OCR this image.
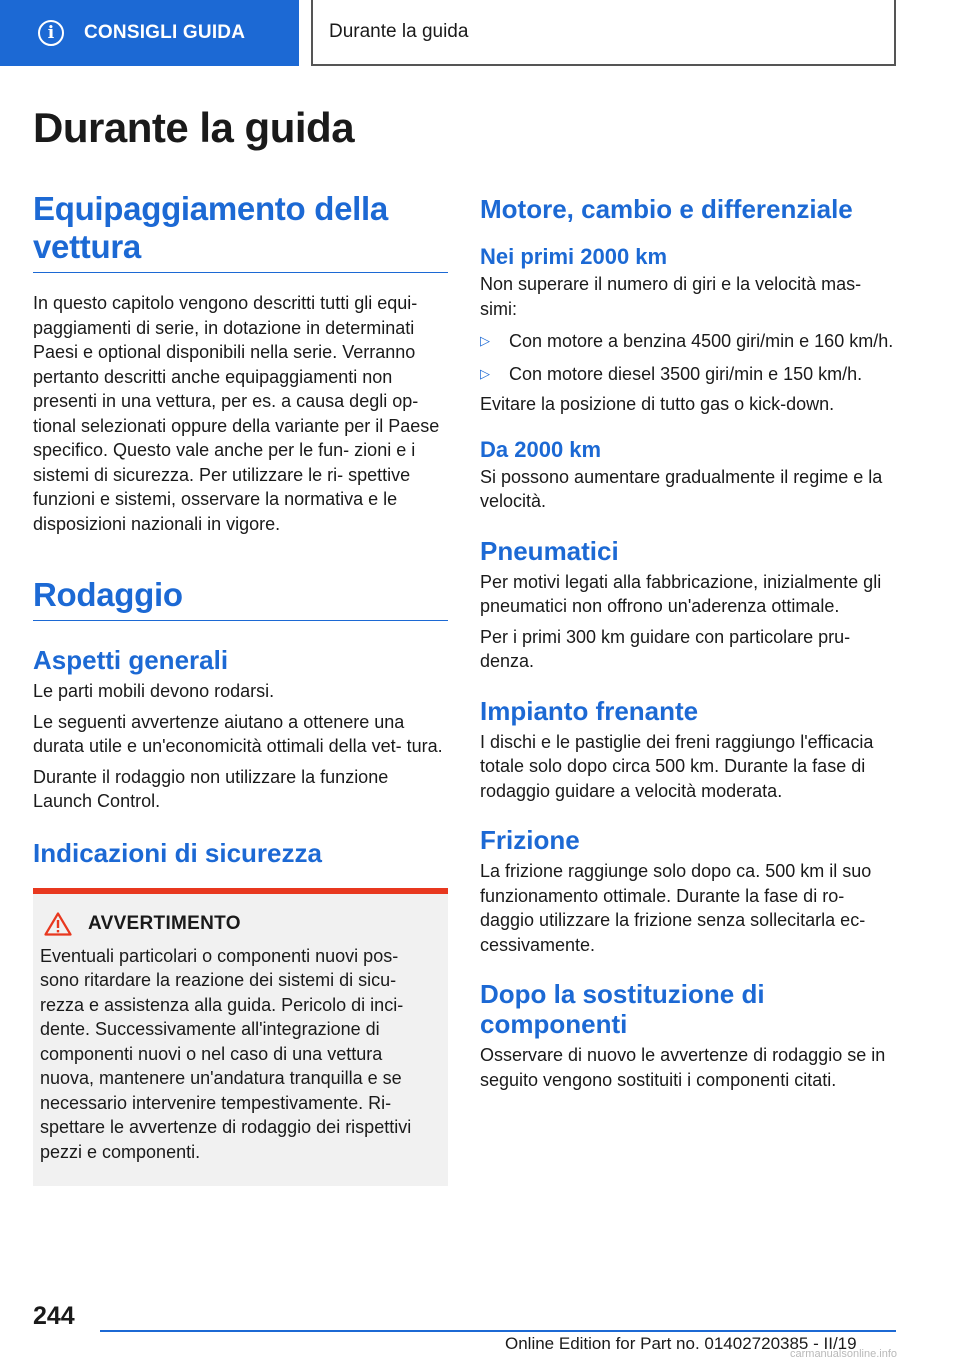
i	CONSIGLI GUIDA	Durante la guida
Durante la guida
Equipaggiamento della vettura

In questo capitolo vengono descritti tutti gli equi- paggiamenti di serie, in dotazione in determinati Paesi e optional disponibili nella serie. Verranno pertanto descritti anche equipaggiamenti non presenti in una vettura, per es. a causa degli op- tional selezionati oppure della variante per il Paese specifico. Questo vale anche per le fun- zioni e i sistemi di sicurezza. Per utilizzare le ri- spettive funzioni e sistemi, osservare la normativa e le disposizioni nazionali in vigore.

Rodaggio
Aspetti generali

Le parti mobili devono rodarsi.

Le seguenti avvertenze aiutano a ottenere una durata utile e un'economicità ottimali della vet- tura.

Durante il rodaggio non utilizzare la funzione Launch Control.

Indicazioni di sicurezza
AVVERTIMENTO

Eventuali particolari o componenti nuovi pos- sono ritardare la reazione dei sistemi di sicu- rezza e assistenza alla guida. Pericolo di inci- dente. Successivamente all'integrazione di componenti nuovi o nel caso di una vettura nuova, mantenere un'andatura tranquilla e se necessario intervenire tempestivamente. Ri- spettare le avvertenze di rodaggio dei rispettivi pezzi e componenti.

Motore, cambio e differenziale
Nei primi 2000 km

Non superare il numero di giri e la velocità mas- simi:

▷ Con motore a benzina 4500 giri/min e 160 km/h.
▷ Con motore diesel 3500 giri/min e 150 km/h.

Evitare la posizione di tutto gas o kick-down.

Da 2000 km

Si possono aumentare gradualmente il regime e la velocità.

Pneumatici

Per motivi legati alla fabbricazione, inizialmente gli pneumatici non offrono un'aderenza ottimale.

Per i primi 300 km guidare con particolare pru- denza.

Impianto frenante

I dischi e le pastiglie dei freni raggiungo l'efficacia totale solo dopo circa 500 km. Durante la fase di rodaggio guidare a velocità moderata.

Frizione

La frizione raggiunge solo dopo ca. 500 km il suo funzionamento ottimale. Durante la fase di ro- daggio utilizzare la frizione senza sollecitarla ec- cessivamente.

Dopo la sostituzione di componenti

Osservare di nuovo le avvertenze di rodaggio se in seguito vengono sostituiti i componenti citati.

244
Online Edition for Part no. 01402720385 - II/19
carmanualsonline.info
